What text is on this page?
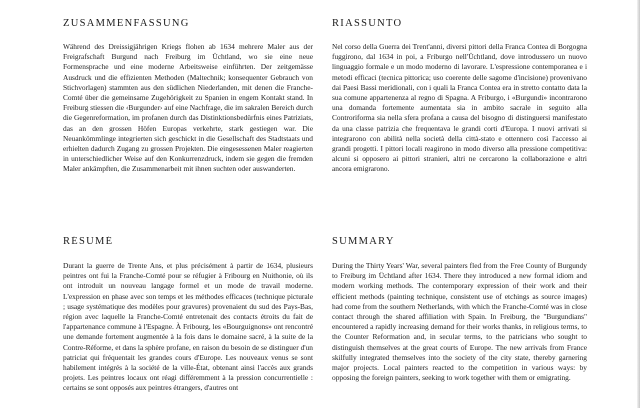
ZUSAMMENFASSUNG

Während des Dreissigjährigen Kriegs flohen ab 1634 mehrere Maler aus der Freigrafschaft Burgund nach Freiburg im Üchtland, wo sie eine neue Formensprache und eine moderne Arbeitsweise einführten. Der zeitgemässe Ausdruck und die effizienten Methoden (Maltechnik; konsequenter Gebrauch von Stichvorlagen) stammten aus den südlichen Niederlanden, mit denen die Franche-Comté über die gemeinsame Zugehörigkeit zu Spanien in engem Kontakt stand. In Freiburg stiessen die ‹Burgunder› auf eine Nachfrage, die im sakralen Bereich durch die Gegenreformation, im profanen durch das Distinktionsbedürfnis eines Patriziats, das an den grossen Höfen Europas verkehrte, stark gestiegen war. Die Neuankömmlinge integrierten sich geschickt in die Gesellschaft des Stadtstaats und erhielten dadurch Zugang zu grossen Projekten. Die eingesessenen Maler reagierten in unterschiedlicher Weise auf den Konkurrenzdruck, indem sie gegen die fremden Maler ankämpften, die Zusammenarbeit mit ihnen suchten oder auswanderten.

RIASSUNTO

Nel corso della Guerra dei Trent'anni, diversi pittori della Franca Contea di Borgogna fuggirono, dal 1634 in poi, a Friburgo nell'Üchtland, dove introdussero un nuovo linguaggio formale e un modo moderno di lavorare. L'espressione contemporanea e i metodi efficaci (tecnica pittorica; uso coerente delle sagome d'incisione) provenivano dai Paesi Bassi meridionali, con i quali la Franca Contea era in stretto contatto data la sua comune appartenenza al regno di Spagna. A Friburgo, i «Burgundi» incontrarono una domanda fortemente aumentata sia in ambito sacrale in seguito alla Controriforma sia nella sfera profana a causa del bisogno di distinguersi manifestato da una classe patrizia che frequentava le grandi corti d'Europa. I nuovi arrivati si integrarono con abilità nella società della città-stato e ottennero così l'accesso ai grandi progetti. I pittori locali reagirono in modo diverso alla pressione competitiva: alcuni si opposero ai pittori stranieri, altri ne cercarono la collaborazione e altri ancora emigrarono.

RÉSUMÉ

Durant la guerre de Trente Ans, et plus précisément à partir de 1634, plusieurs peintres ont fui la Franche-Comté pour se réfugier à Fribourg en Nuithonie, où ils ont introduit un nouveau langage formel et un mode de travail moderne. L'expression en phase avec son temps et les méthodes efficaces (technique picturale ; usage systématique des modèles pour gravures) provenaient du sud des Pays-Bas, région avec laquelle la Franche-Comté entretenait des contacts étroits du fait de l'appartenance commune à l'Espagne. À Fribourg, les «Bourguignons» ont rencontré une demande fortement augmentée à la fois dans le domaine sacré, à la suite de la Contre-Réforme, et dans la sphère profane, en raison du besoin de se distinguer d'un patriciat qui fréquentait les grandes cours d'Europe. Les nouveaux venus se sont habilement intégrés à la société de la ville-État, obtenant ainsi l'accès aux grands projets. Les peintres locaux ont réagi différemment à la pression concurrentielle : certains se sont opposés aux peintres étrangers, d'autres ont

SUMMARY

During the Thirty Years' War, several painters fled from the Free County of Burgundy to Freiburg im Üchtland after 1634. There they introduced a new formal idiom and modern working methods. The contemporary expression of their work and their efficient methods (painting technique, consistent use of etchings as source images) had come from the southern Netherlands, with which the Franche-Comté was in close contact through the shared affiliation with Spain. In Freiburg, the "Burgundians" encountered a rapidly increasing demand for their works thanks, in religious terms, to the Counter Reformation and, in secular terms, to the patricians who sought to distinguish themselves at the great courts of Europe. The new arrivals from France skilfully integrated themselves into the society of the city state, thereby garnering major projects. Local painters reacted to the competition in various ways: by opposing the foreign painters, seeking to work together with them or emigrating.
